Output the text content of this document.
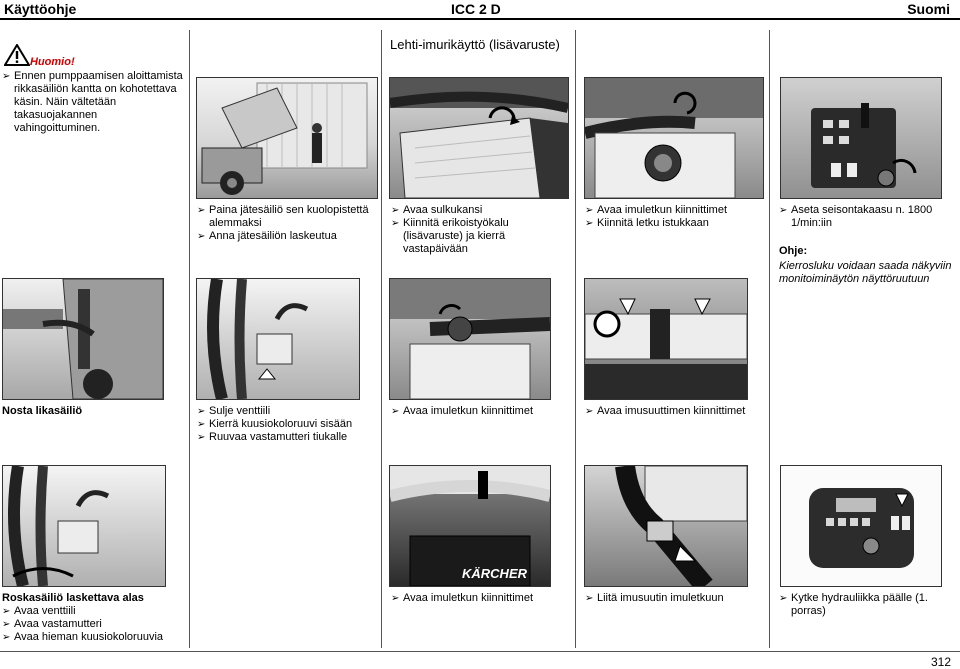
Käyttöohje	ICC 2 D	Suomi
Huomio!
➢ Ennen pumppaamisen aloittamista rikkasäiliön kantta on kohotettava käsin. Näin vältetään takasuojakannen vahingoittuminen.
Lehti-imurikäyttö (lisävaruste)
➢ Paina jätesäiliö sen kuolopistettä alemmaksi
➢ Anna jätesäiliön laskeutua
➢ Avaa sulkukansi
➢ Kiinnitä erikoistyökalu (lisävaruste) ja kierrä vastapäivään
➢ Avaa imuletkun kiinnittimet
➢ Kiinnitä letku istukkaan
➢ Aseta seisontakaasu n. 1800 1/min:iin
Ohje:
Kierrosluku voidaan saada näkyviin monitoiminäytön näyttöruutuun
Nosta likasäiliö	➢ Sulje venttiili
➢ Kierrä kuusiokoloruuvi sisään
➢ Ruuvaa vastamutteri tiukalle
➢ Avaa imuletkun kiinnittimet	➢ Avaa imusuuttimen kiinnittimet
KÄRCHER
Roskasäiliö laskettava alas
➢ Avaa venttiili
➢ Avaa vastamutteri
➢ Avaa hieman kuusiokoloruuvia
➢ Avaa imuletkun kiinnittimet	➢ Liitä imusuutin imuletkuun	➢ Kytke hydrauliikka päälle (1. porras)
312
